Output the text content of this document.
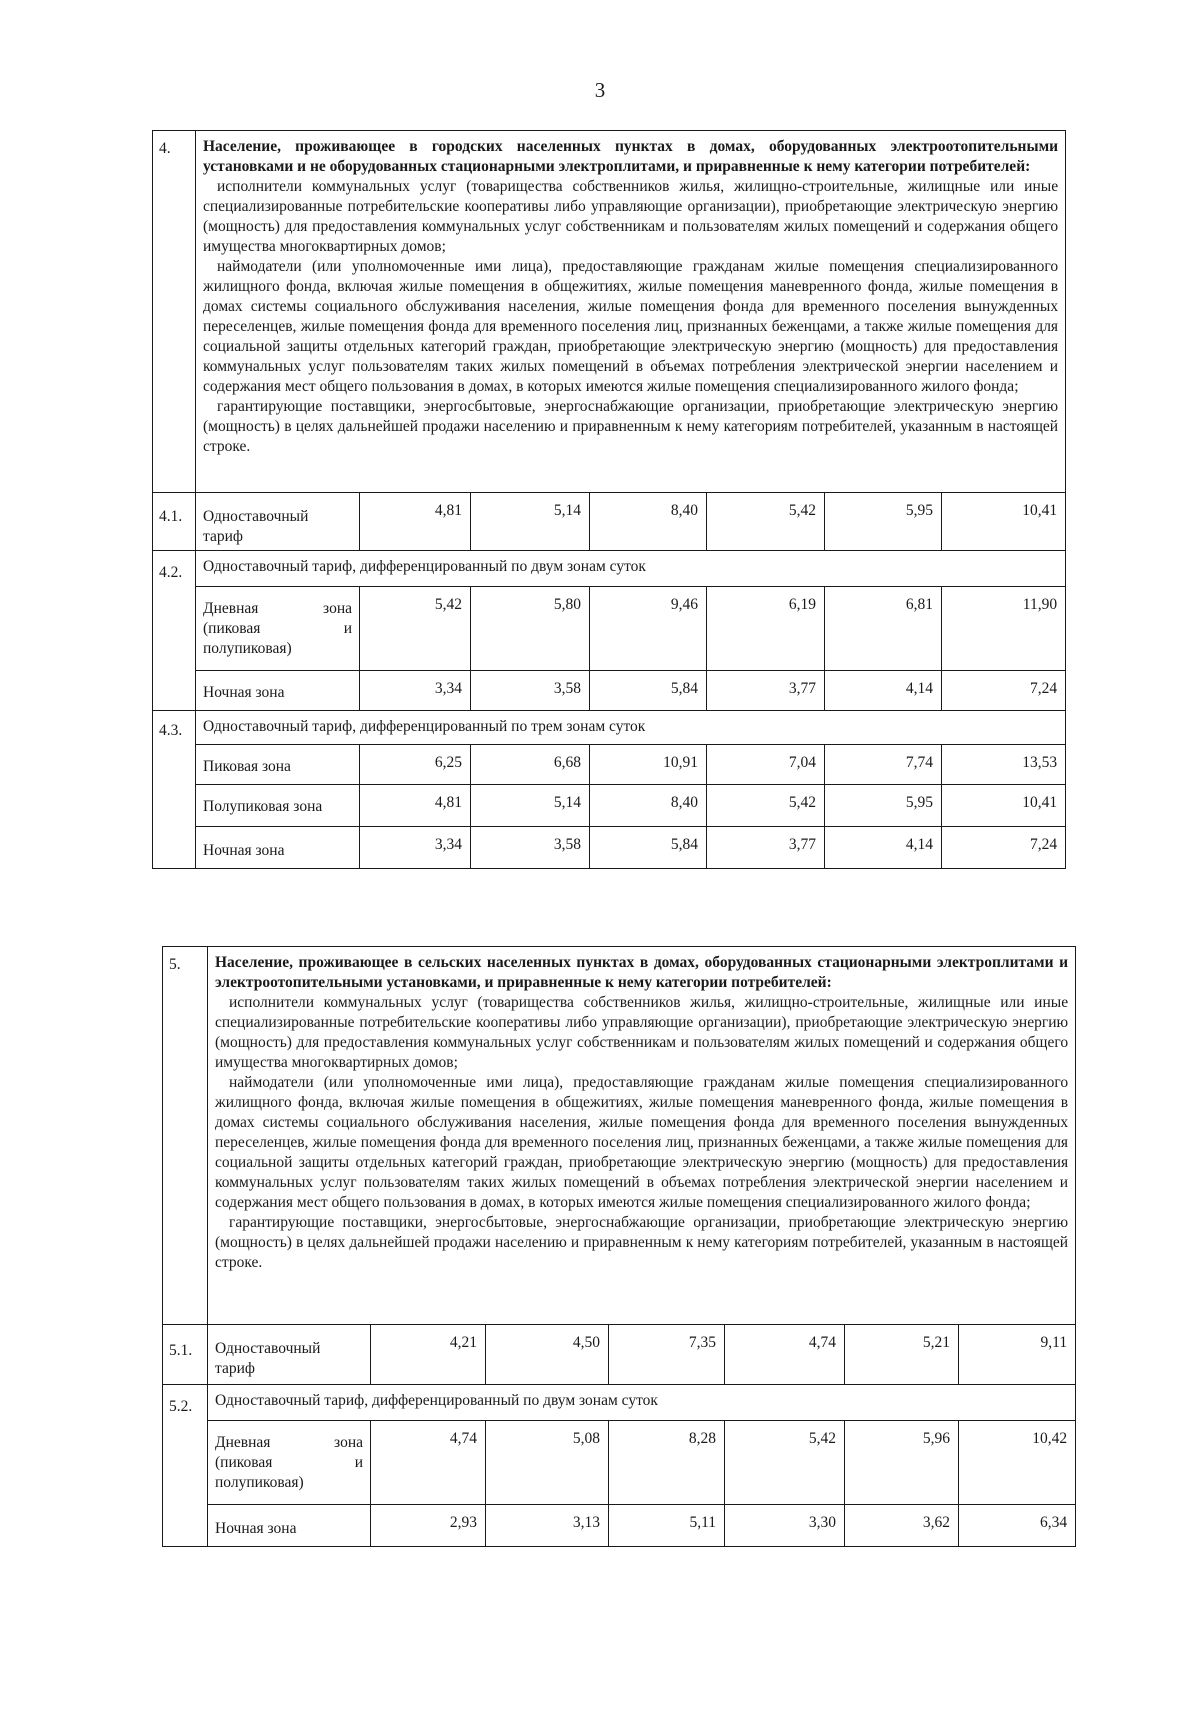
3
4.	Население, проживающее в городских населенных пунктах в домах, оборудованных электроотопительными установками и не оборудованных стационарными электроплитами, и приравненные к нему категории потребителей:
исполнители коммунальных услуг (товарищества собственников жилья, жилищно-строительные, жилищные или иные специализированные потребительские кооперативы либо управляющие организации), приобретающие электрическую энергию (мощность) для предоставления коммунальных услуг собственникам и пользователям жилых помещений и содержания общего имущества многоквартирных домов;
наймодатели (или уполномоченные ими лица), предоставляющие гражданам жилые помещения специализированного жилищного фонда, включая жилые помещения в общежитиях, жилые помещения маневренного фонда, жилые помещения в домах системы социального обслуживания населения, жилые помещения фонда для временного поселения вынужденных переселенцев, жилые помещения фонда для временного поселения лиц, признанных беженцами, а также жилые помещения для социальной защиты отдельных категорий граждан, приобретающие электрическую энергию (мощность) для предоставления коммунальных услуг пользователям таких жилых помещений в объемах потребления электрической энергии населением и содержания мест общего пользования в домах, в которых имеются жилые помещения специализированного жилого фонда;
гарантирующие поставщики, энергосбытовые, энергоснабжающие организации, приобретающие электрическую энергию (мощность) в целях дальнейшей продажи населению и приравненным к нему категориям потребителей, указанным в настоящей строке.						

4.1.	Одноставочный тариф	4,81	5,14	8,40	5,42	5,95	10,41
4.2.	Одноставочный тариф, дифференцированный по двум зонам суток						

	Дневная зона (пиковая и полупиковая)	5,42	5,80	9,46	6,19	6,81	11,90
	Ночная зона	3,34	3,58	5,84	3,77	4,14	7,24
4.3.	Одноставочный тариф, дифференцированный по трем зонам суток						
	Пиковая зона	6,25	6,68	10,91	7,04	7,74	13,53
	Полупиковая зона	4,81	5,14	8,40	5,42	5,95	10,41
	Ночная зона	3,34	3,58	5,84	3,77	4,14	7,24
5.	Население, проживающее в сельских населенных пунктах в домах, оборудованных стационарными электроплитами и электроотопительными установками, и приравненные к нему категории потребителей:
исполнители коммунальных услуг (товарищества собственников жилья, жилищно-строительные, жилищные или иные специализированные потребительские кооперативы либо управляющие организации), приобретающие электрическую энергию (мощность) для предоставления коммунальных услуг собственникам и пользователям жилых помещений и содержания общего имущества многоквартирных домов;
наймодатели (или уполномоченные ими лица), предоставляющие гражданам жилые помещения специализированного жилищного фонда, включая жилые помещения в общежитиях, жилые помещения маневренного фонда, жилые помещения в домах системы социального обслуживания населения, жилые помещения фонда для временного поселения вынужденных переселенцев, жилые помещения фонда для временного поселения лиц, признанных беженцами, а также жилые помещения для социальной защиты отдельных категорий граждан, приобретающие электрическую энергию (мощность) для предоставления коммунальных услуг пользователям таких жилых помещений в объемах потребления электрической энергии населением и содержания мест общего пользования в домах, в которых имеются жилые помещения специализированного жилого фонда;
гарантирующие поставщики, энергосбытовые, энергоснабжающие организации, приобретающие электрическую энергию (мощность) в целях дальнейшей продажи населению и приравненным к нему категориям потребителей, указанным в настоящей строке.						

5.1.	Одноставочный тариф	4,21	4,50	7,35	4,74	5,21	9,11
5.2.	Одноставочный тариф, дифференцированный по двум зонам суток						

	Дневная зона (пиковая и полупиковая)	4,74	5,08	8,28	5,42	5,96	10,42
	Ночная зона	2,93	3,13	5,11	3,30	3,62	6,34
